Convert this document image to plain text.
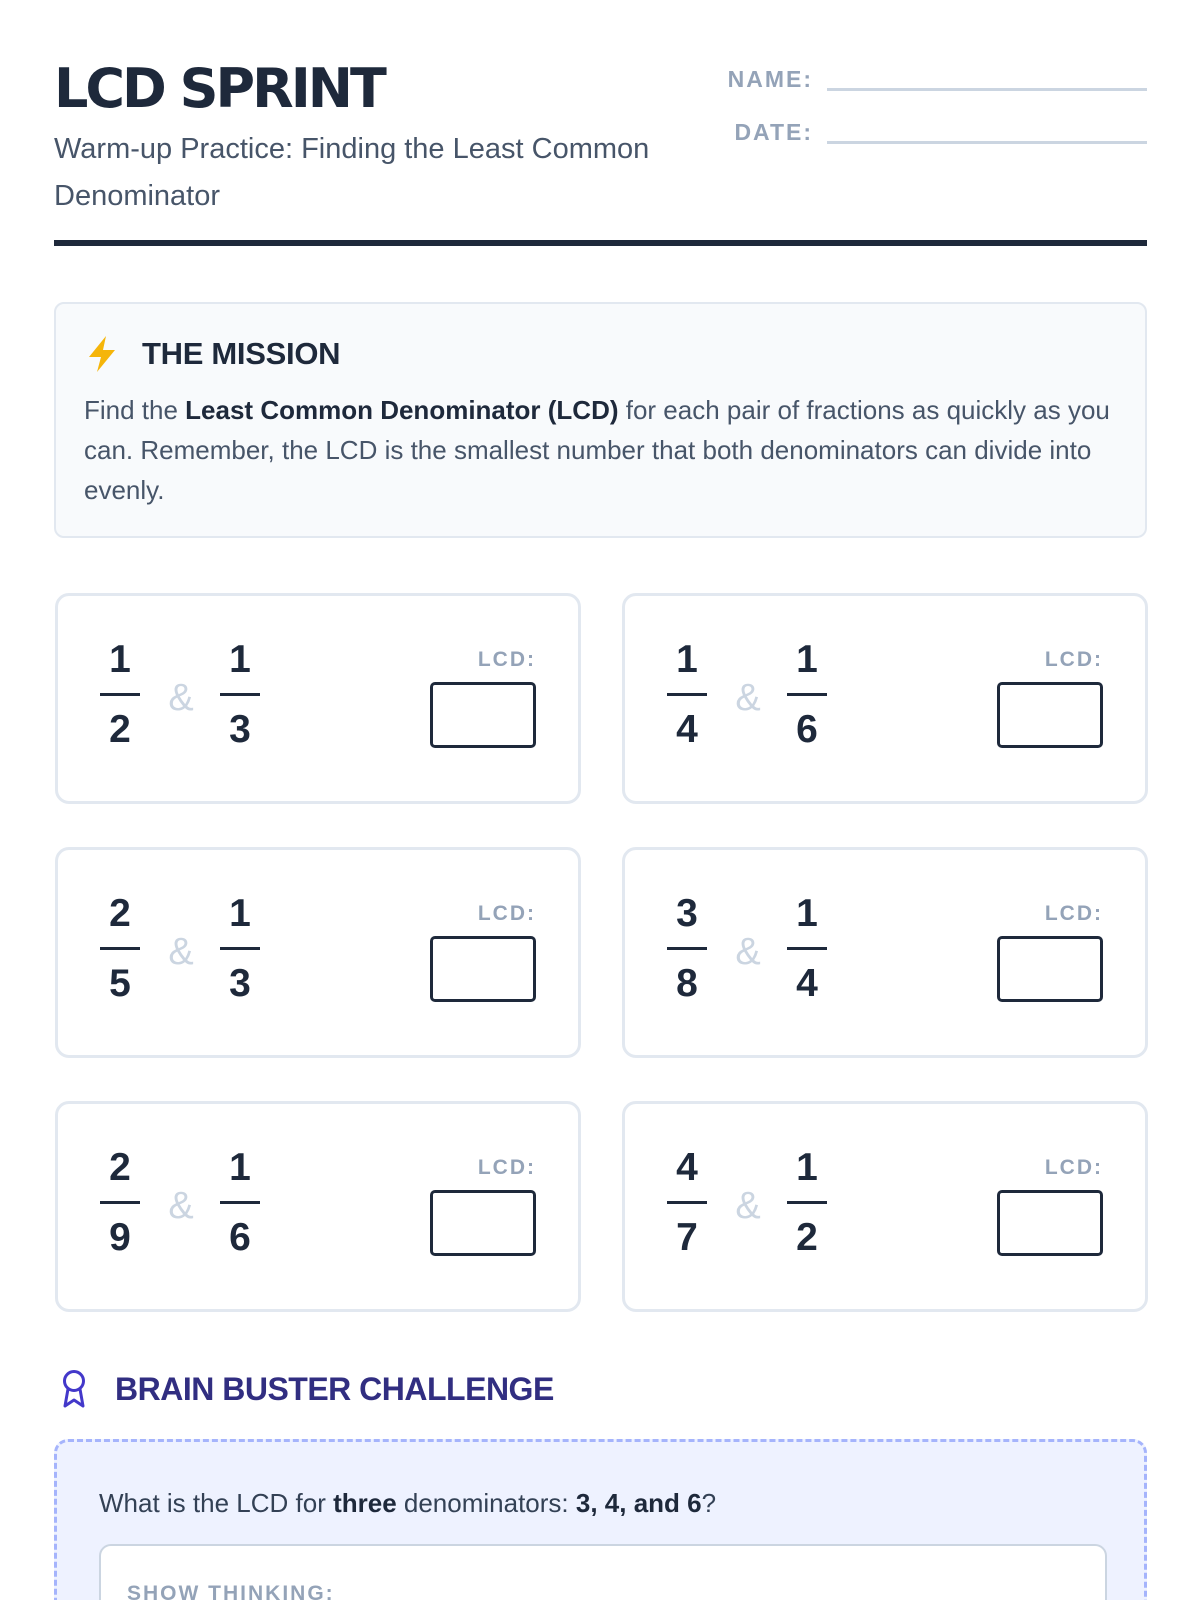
LCD SPRINT
Warm-up Practice: Finding the Least Common Denominator
NAME:
DATE:
THE MISSION

Find the Least Common Denominator (LCD) for each pair of fractions as quickly as you can. Remember, the LCD is the smallest number that both denominators can divide into evenly.

1
2
&
1
3
LCD:	1
4
&
1
6
LCD:
2
5
&
1
3
LCD:	3
8
&
1
4
LCD:
2
9
&
1
6
LCD:	4
7
&
1
2
LCD:
BRAIN BUSTER CHALLENGE

What is the LCD for three denominators: 3, 4, and 6?

SHOW THINKING:
